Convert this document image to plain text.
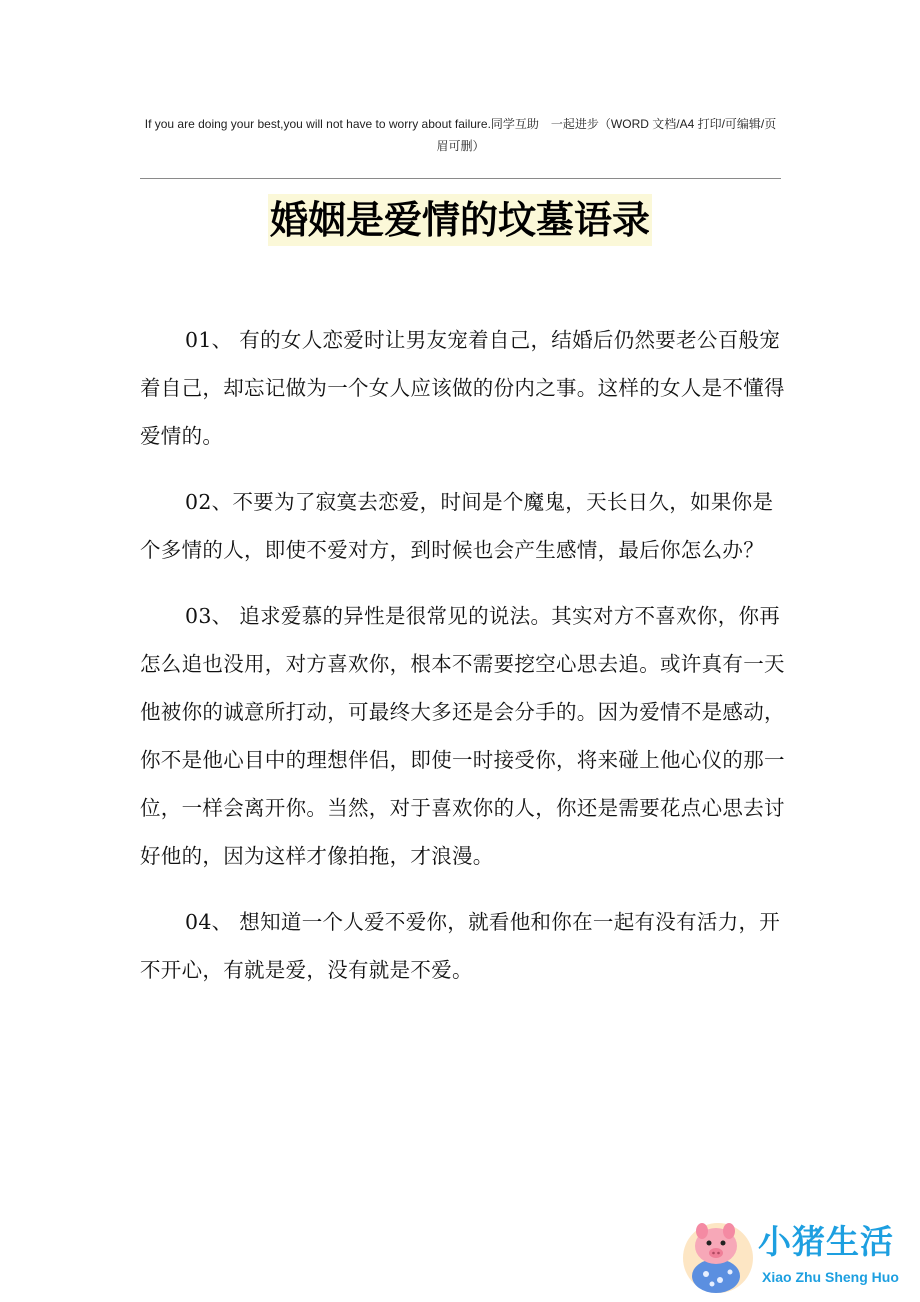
If you are doing your best,you will not have to worry about failure.同学互助　一起进步（WORD 文档/A4 打印/可编辑/页眉可删）
婚姻是爱情的坟墓语录

01、 有的女人恋爱时让男友宠着自己，结婚后仍然要老公百般宠着自己，却忘记做为一个女人应该做的份内之事。这样的女人是不懂得爱情的。

02、不要为了寂寞去恋爱，时间是个魔鬼，天长日久，如果你是个多情的人，即使不爱对方，到时候也会产生感情，最后你怎么办？

03、 追求爱慕的异性是很常见的说法。其实对方不喜欢你，你再怎么追也没用，对方喜欢你，根本不需要挖空心思去追。或许真有一天他被你的诚意所打动，可最终大多还是会分手的。因为爱情不是感动，你不是他心目中的理想伴侣，即使一时接受你，将来碰上他心仪的那一位，一样会离开你。当然，对于喜欢你的人，你还是需要花点心思去讨好他的，因为这样才像拍拖，才浪漫。

04、 想知道一个人爱不爱你，就看他和你在一起有没有活力，开不开心，有就是爱，没有就是不爱。

小猪生活
Xiao Zhu Sheng Huo
